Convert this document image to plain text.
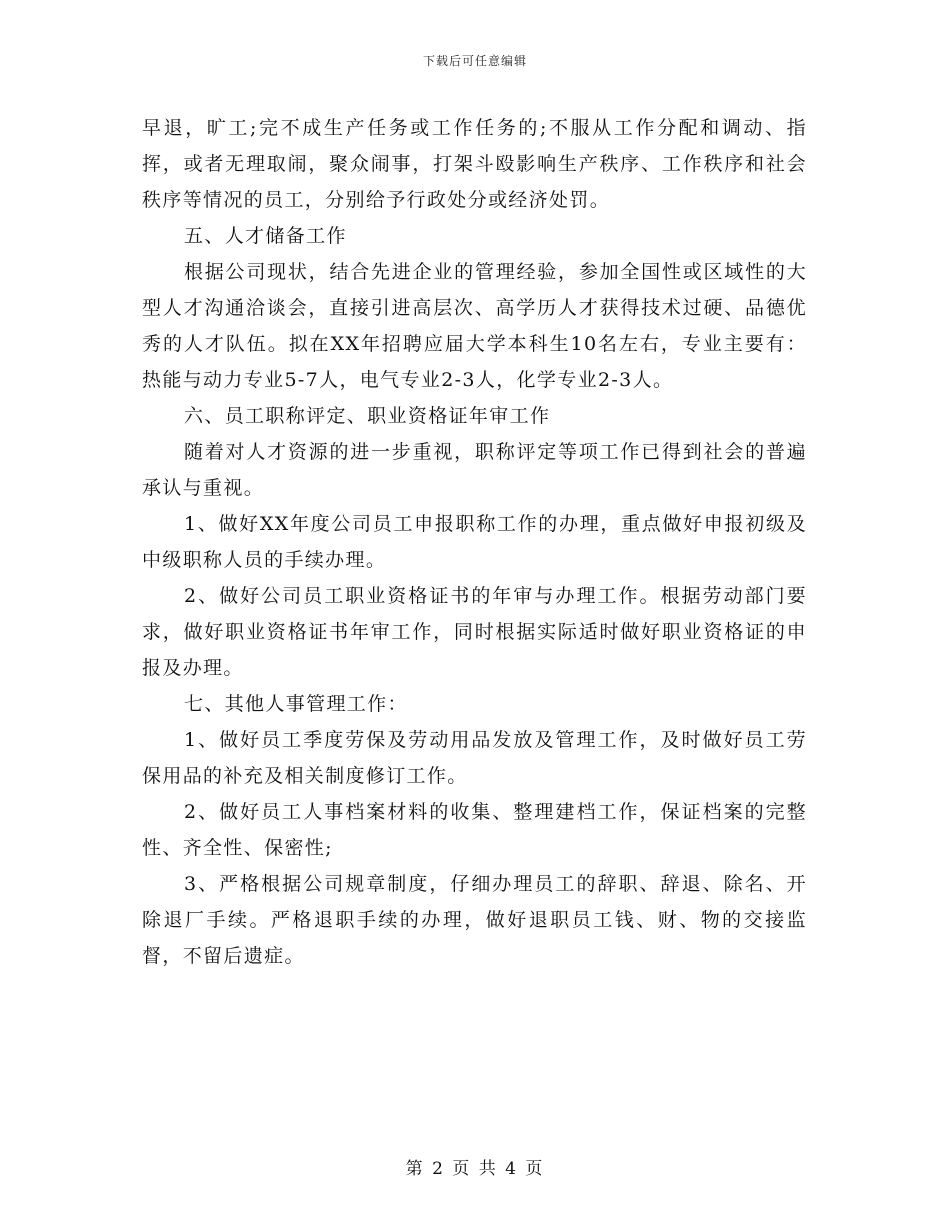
下载后可任意编辑

早退，旷工;完不成生产任务或工作任务的;不服从工作分配和调动、指挥，或者无理取闹，聚众闹事，打架斗殴影响生产秩序、工作秩序和社会秩序等情况的员工，分别给予行政处分或经济处罚。

五、人才储备工作

根据公司现状，结合先进企业的管理经验，参加全国性或区域性的大型人才沟通洽谈会，直接引进高层次、高学历人才获得技术过硬、品德优秀的人才队伍。拟在XX年招聘应届大学本科生10名左右，专业主要有：热能与动力专业5-7人，电气专业2-3人，化学专业2-3人。

六、员工职称评定、职业资格证年审工作

随着对人才资源的进一步重视，职称评定等项工作已得到社会的普遍承认与重视。

1、做好XX年度公司员工申报职称工作的办理，重点做好申报初级及中级职称人员的手续办理。

2、做好公司员工职业资格证书的年审与办理工作。根据劳动部门要求，做好职业资格证书年审工作，同时根据实际适时做好职业资格证的申报及办理。

七、其他人事管理工作：

1、做好员工季度劳保及劳动用品发放及管理工作，及时做好员工劳保用品的补充及相关制度修订工作。

2、做好员工人事档案材料的收集、整理建档工作，保证档案的完整性、齐全性、保密性;

3、严格根据公司规章制度，仔细办理员工的辞职、辞退、除名、开除退厂手续。严格退职手续的办理，做好退职员工钱、财、物的交接监督，不留后遗症。

第 2 页 共 4 页
